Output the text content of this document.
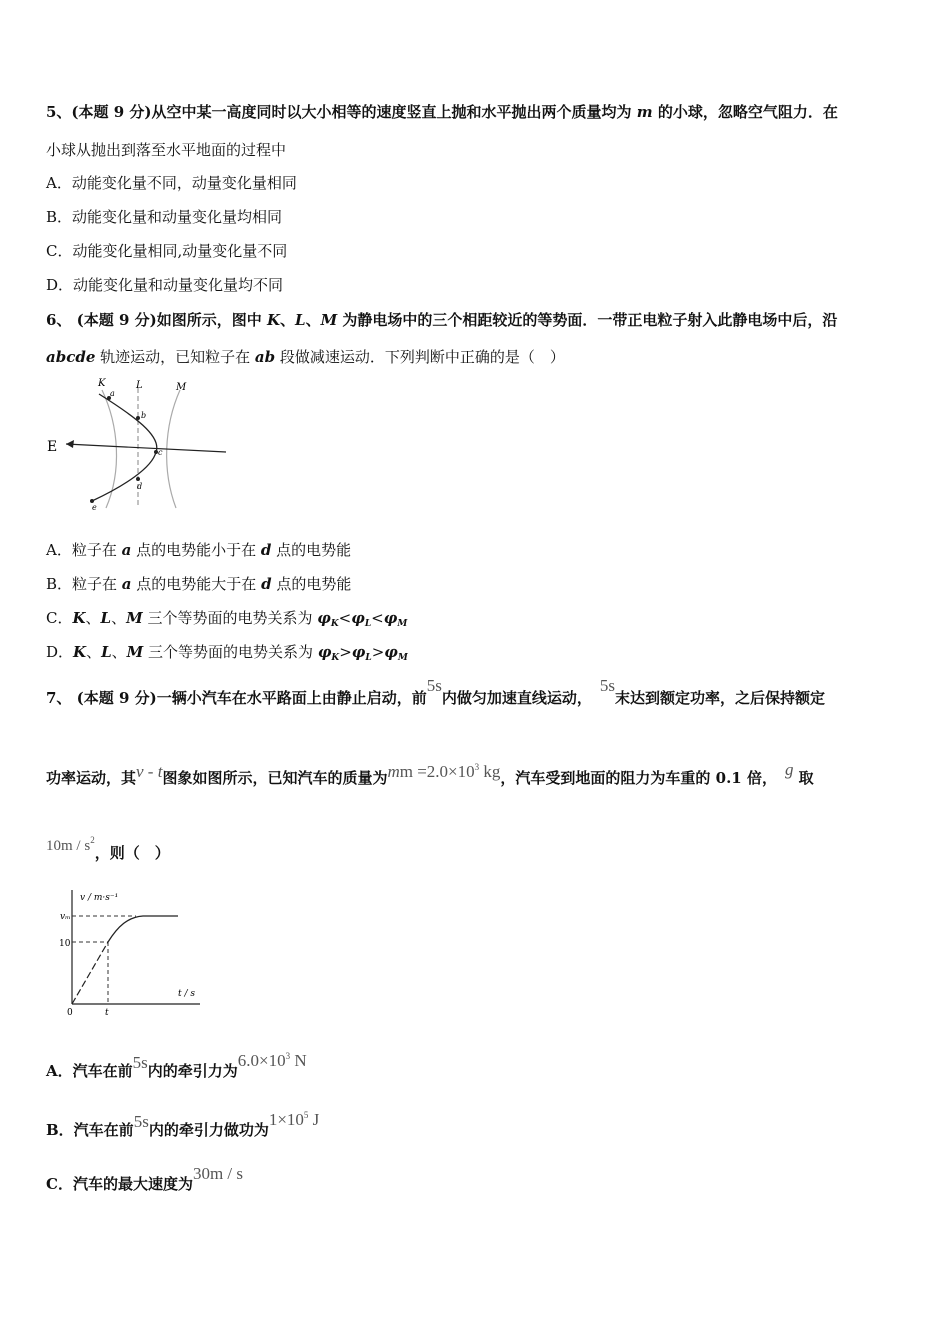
5、(本题 9 分)从空中某一高度同时以大小相等的速度竖直上抛和水平抛出两个质量均为 m 的小球，忽略空气阻力．在
小球从抛出到落至水平地面的过程中
A．动能变化量不同，动量变化量相同
B．动能变化量和动量变化量均相同
C．动能变化量相同,动量变化量不同
D．动能变化量和动量变化量均不同
6、 (本题 9 分)如图所示，图中 K、L、M 为静电场中的三个相距较近的等势面．一带正电粒子射入此静电场中后，沿
abcde 轨迹运动，已知粒子在 ab 段做减速运动．下列判断中正确的是（　）
K	L	M
E
a
b
c
d
e
A．粒子在 a 点的电势能小于在 d 点的电势能
B．粒子在 a 点的电势能大于在 d 点的电势能
C．K、L、M 三个等势面的电势关系为 $\varphi_K<\varphi_L<\varphi_M$
D．K、L、M 三个等势面的电势关系为 $\varphi_K>\varphi_L>\varphi_M$
7、 (本题 9 分)一辆小汽车在水平路面上由静止启动，前5s内做匀加速直线运动，5s末达到额定功率，之后保持额定
功率运动，其v - t图象如图所示，已知汽车的质量为mm $=2.0\times 10^3$ kg，汽车受到地面的阻力为车重的 0.1 倍， g 取
$10m / s^2$，则（　）
v / m·s⁻¹
t / s
vₘ
10
0	t
A．汽车在前5s内的牵引力为$6.0\times 10^3$ N
B．汽车在前5s内的牵引力做功为$1\times 10^5$ J
C．汽车的最大速度为30m / s
